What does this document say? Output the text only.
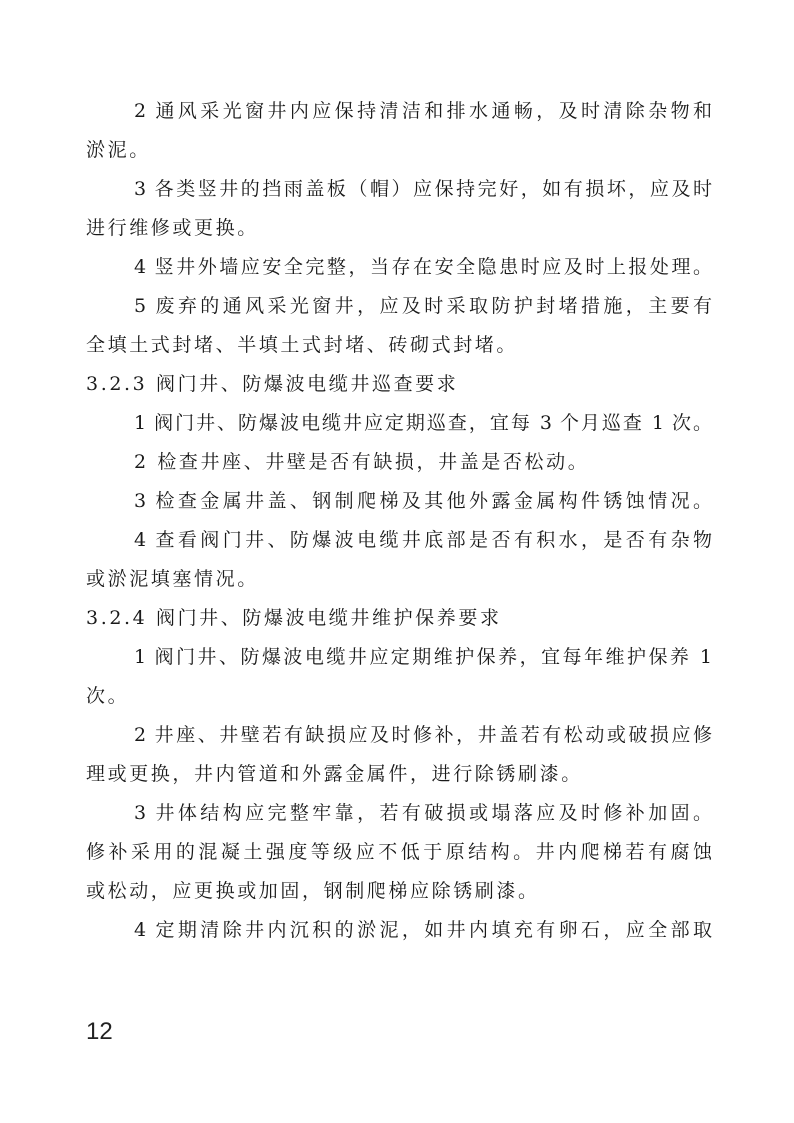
2 通风采光窗井内应保持清洁和排水通畅，及时清除杂物和
淤泥。
3 各类竖井的挡雨盖板（帽）应保持完好，如有损坏，应及时
进行维修或更换。
4 竖井外墙应安全完整，当存在安全隐患时应及时上报处理。
5 废弃的通风采光窗井，应及时采取防护封堵措施，主要有
全填土式封堵、半填土式封堵、砖砌式封堵。
3.2.3 阀门井、防爆波电缆井巡查要求
1 阀门井、防爆波电缆井应定期巡查，宜每 3 个月巡查 1 次。
2 检查井座、井壁是否有缺损，井盖是否松动。
3 检查金属井盖、钢制爬梯及其他外露金属构件锈蚀情况。
4 查看阀门井、防爆波电缆井底部是否有积水，是否有杂物
或淤泥填塞情况。
3.2.4 阀门井、防爆波电缆井维护保养要求
1 阀门井、防爆波电缆井应定期维护保养，宜每年维护保养 1
次。
2 井座、井壁若有缺损应及时修补，井盖若有松动或破损应修
理或更换，井内管道和外露金属件，进行除锈刷漆。
3 井体结构应完整牢靠，若有破损或塌落应及时修补加固。
修补采用的混凝土强度等级应不低于原结构。井内爬梯若有腐蚀
或松动，应更换或加固，钢制爬梯应除锈刷漆。
4 定期清除井内沉积的淤泥，如井内填充有卵石，应全部取
12
